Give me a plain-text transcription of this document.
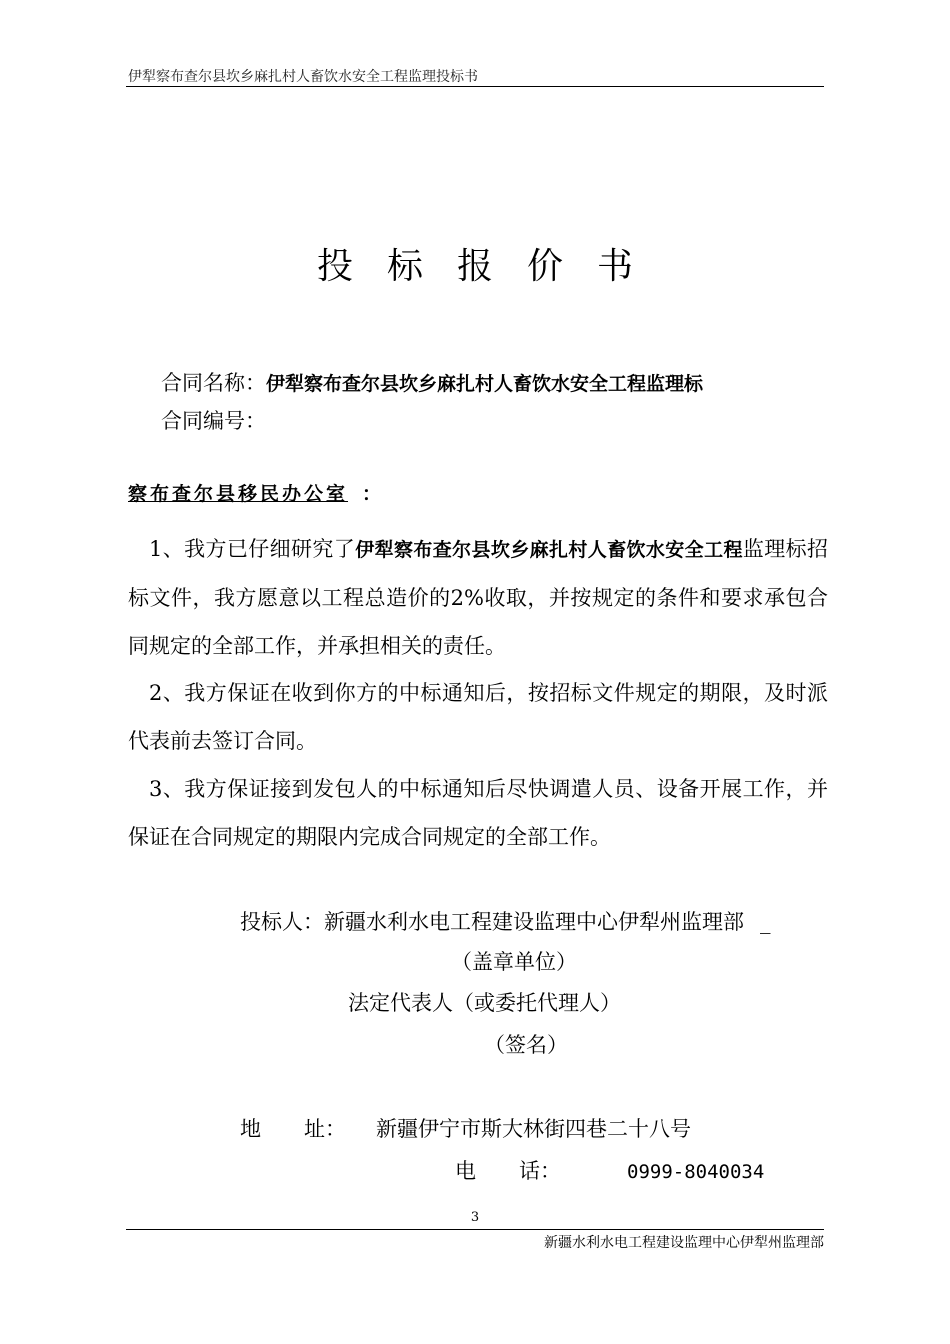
伊犁察布查尔县坎乡麻扎村人畜饮水安全工程监理投标书
投标报价书
合同名称：伊犁察布查尔县坎乡麻扎村人畜饮水安全工程监理标
合同编号：
察布查尔县移民办公室 ：
1、我方已仔细研究了伊犁察布查尔县坎乡麻扎村人畜饮水安全工程监理标招标文件，我方愿意以工程总造价的2%收取，并按规定的条件和要求承包合同规定的全部工作，并承担相关的责任。
2、我方保证在收到你方的中标通知后，按招标文件规定的期限，及时派代表前去签订合同。
3、我方保证接到发包人的中标通知后尽快调遣人员、设备开展工作，并保证在合同规定的期限内完成合同规定的全部工作。
投标人：新疆水利水电工程建设监理中心伊犁州监理部 _
（盖章单位）
法定代表人（或委托代理人）
（签名）
地 址： 新疆伊宁市斯大林街四巷二十八号
电 话：	0999-8040034
3
新疆水利水电工程建设监理中心伊犁州监理部
